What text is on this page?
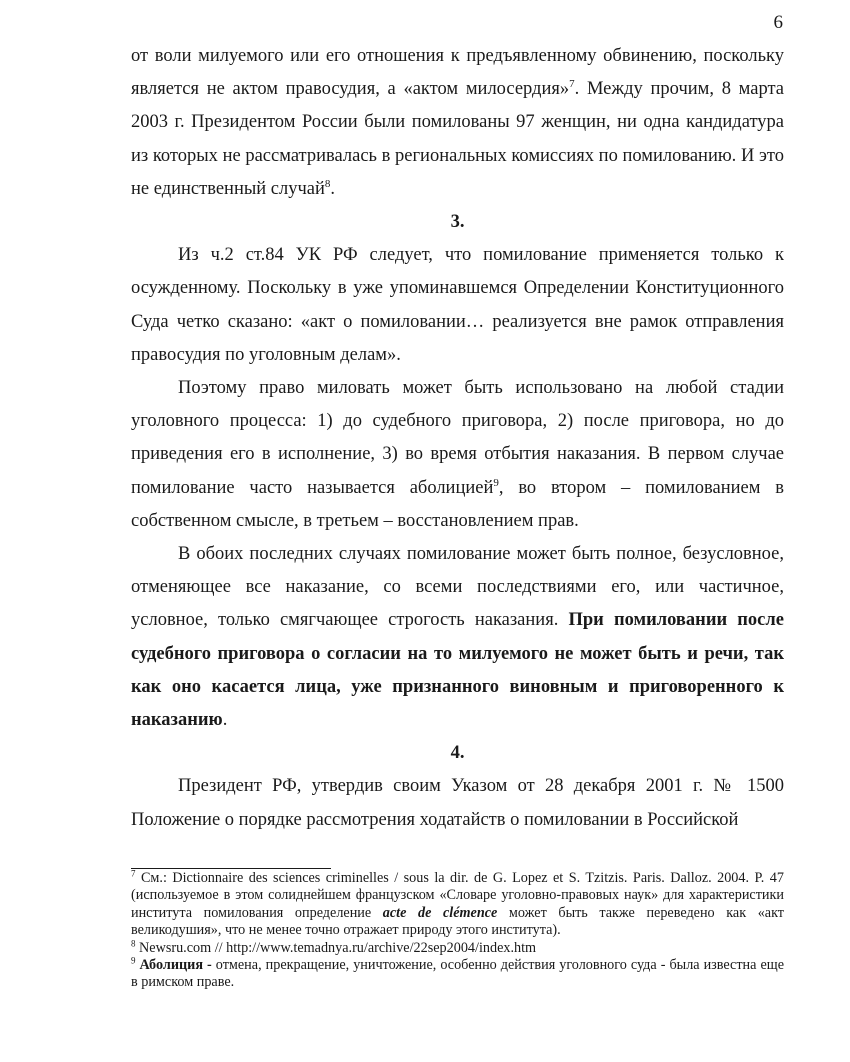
6

от воли милуемого или его отношения к предъявленному обвинению, поскольку является не актом правосудия, а «актом милосердия»$^7$. Между прочим, 8 марта 2003 г. Президентом России были помилованы 97 женщин, ни одна кандидатура из которых не рассматривалась в региональных комиссиях по помилованию. И это не единственный случай$^8$.

3.

Из ч.2 ст.84 УК РФ следует, что помилование применяется только к осужденному. Поскольку в уже упоминавшемся Определении Конституционного Суда четко сказано: «акт о помиловании… реализуется вне рамок отправления правосудия по уголовным делам».

Поэтому право миловать может быть использовано на любой стадии уголовного процесса: 1) до судебного приговора, 2) после приговора, но до приведения его в исполнение, 3) во время отбытия наказания. В первом случае помилование часто называется аболицией$^9$, во втором – помилованием в собственном смысле, в третьем – восстановлением прав.

В обоих последних случаях помилование может быть полное, безусловное, отменяющее все наказание, со всеми последствиями его, или частичное, условное, только смягчающее строгость наказания. При помиловании после судебного приговора о согласии на то милуемого не может быть и речи, так как оно касается лица, уже признанного виновным и приговоренного к наказанию.

4.

Президент РФ, утвердив своим Указом от 28 декабря 2001 г. № 1500 Положение о порядке рассмотрения ходатайств о помиловании в Российской

$^7$ См.: Dictionnaire des sciences criminelles / sous la dir. de G. Lopez et S. Tzitzis. Paris. Dalloz. 2004. P. 47 (используемое в этом солиднейшем французском «Словаре уголовно-правовых наук» для характеристики института помилования определение acte de clémence может быть также переведено как «акт великодушия», что не менее точно отражает природу этого института).

$^8$ Newsru.com // http://www.temadnya.ru/archive/22sep2004/index.htm

$^9$ Аболиция - отмена, прекращение, уничтожение, особенно действия уголовного суда - была известна еще в римском праве.
